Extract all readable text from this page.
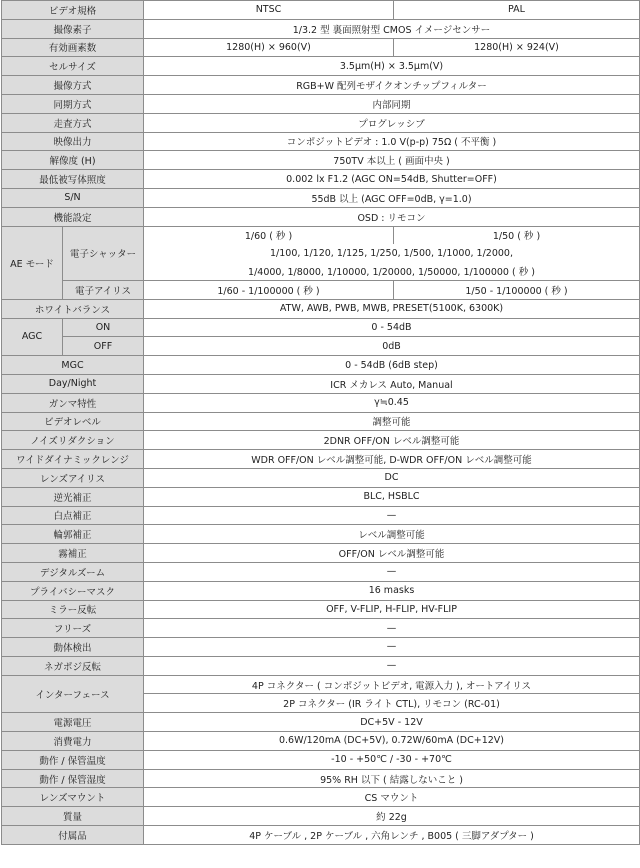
ビデオ規格		NTSC	PAL
撮像素子		1/3.2 型 裏面照射型 CMOS イメージセンサー	
有効画素数		1280(H) × 960(V)	1280(H) × 924(V)
セルサイズ		3.5μm(H) × 3.5μm(V)	
撮像方式		RGB+W 配列モザイクオンチップフィルター	
同期方式		内部同期	
走査方式		プログレッシブ	
映像出力		コンポジットビデオ : 1.0 V(p-p) 75Ω ( 不平衡 )	
解像度 (H)		750TV 本以上 ( 画面中央 )	
最低被写体照度		0.002 lx F1.2 (AGC ON=54dB, Shutter=OFF)	
S/N		55dB 以上 (AGC OFF=0dB, γ=1.0)	
機能設定		OSD : リモコン	
AE モード	電子シャッター	1/60 ( 秒 )	1/50 ( 秒 )
		1/100, 1/120, 1/125, 1/250, 1/500, 1/1000, 1/2000,	
		1/4000, 1/8000, 1/10000, 1/20000, 1/50000, 1/100000 ( 秒 )	
	電子アイリス	1/60 - 1/100000 ( 秒 )	1/50 - 1/100000 ( 秒 )
ホワイトバランス		ATW, AWB, PWB, MWB, PRESET(5100K, 6300K)	
AGC	ON	0 - 54dB	
	OFF	0dB	
MGC		0 - 54dB (6dB step)	
Day/Night		ICR メカレス Auto, Manual	
ガンマ特性		γ≒0.45	
ビデオレベル		調整可能	
ノイズリダクション		2DNR OFF/ON レベル調整可能	
ワイドダイナミックレンジ		WDR OFF/ON レベル調整可能, D-WDR OFF/ON レベル調整可能	
レンズアイリス		DC	
逆光補正		BLC, HSBLC	
白点補正		—	
輪郭補正		レベル調整可能	
霧補正		OFF/ON レベル調整可能	
デジタルズーム		—	
プライバシーマスク		16 masks	
ミラー反転		OFF, V-FLIP, H-FLIP, HV-FLIP	
フリーズ		—	
動体検出		—	
ネガポジ反転		—	
インターフェース		4P コネクター ( コンポジットビデオ, 電源入力 ), オートアイリス	
		2P コネクター (IR ライト CTL), リモコン (RC-01)	
電源電圧		DC+5V - 12V	
消費電力		0.6W/120mA (DC+5V), 0.72W/60mA (DC+12V)	
動作 / 保管温度		-10 - +50℃ / -30 - +70℃	
動作 / 保管湿度		95% RH 以下 ( 結露しないこと )	
レンズマウント		CS マウント	
質量		約 22g	
付属品		4P ケーブル , 2P ケーブル , 六角レンチ , B005 ( 三脚アダプター )	
